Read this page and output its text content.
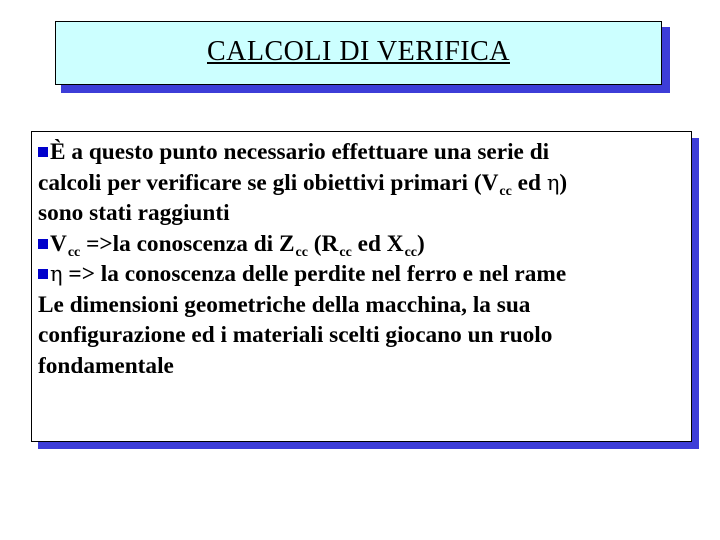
CALCOLI DI VERIFICA
È a questo punto necessario effettuare una serie di
calcoli per verificare se gli obiettivi primari ($V_{cc}$ ed η)
sono stati raggiunti
$V_{cc} =>la$ conoscenza di $Z_{cc}$ ($R_{cc}$ ed $X_{cc}$)
η => la conoscenza delle perdite nel ferro e nel rame
Le dimensioni geometriche della macchina, la sua
configurazione ed i materiali scelti giocano un ruolo
fondamentale
